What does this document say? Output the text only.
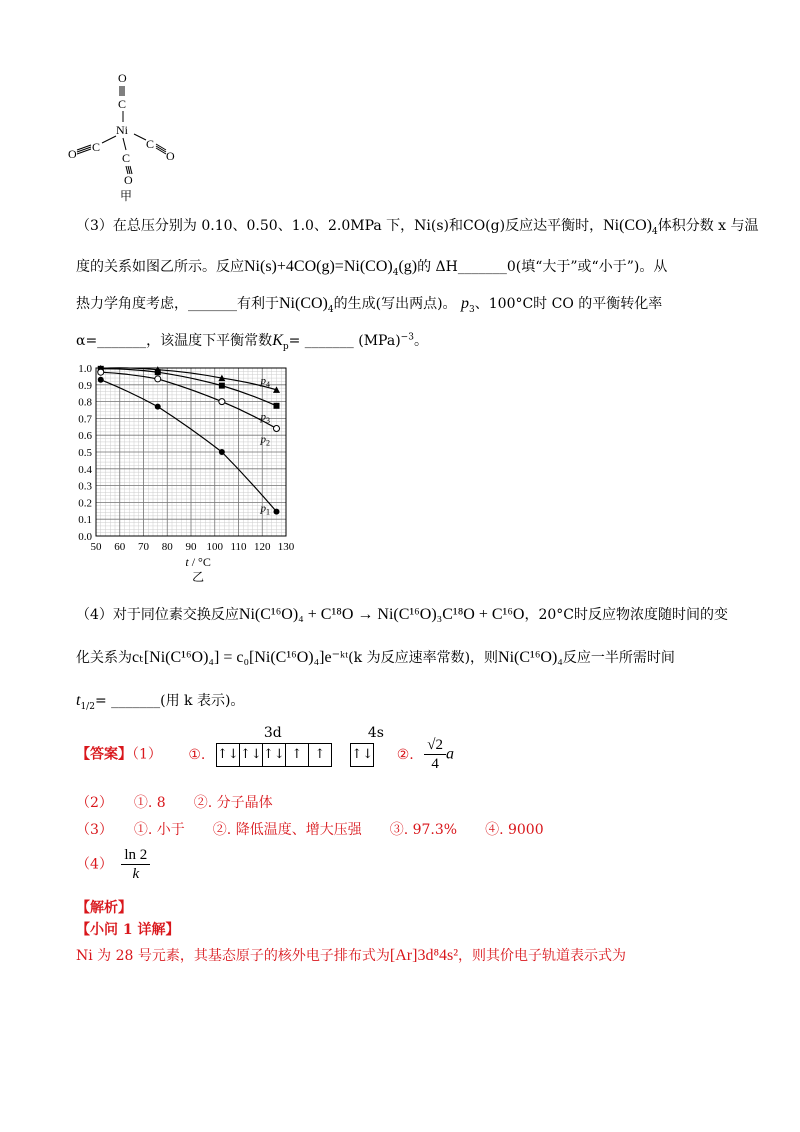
O
C
Ni
C
O
C
O
C
O
甲
（3）在总压分别为 0.10、0.50、1.0、2.0MPa 下，Ni(s)和CO(g)反应达平衡时，$Ni(CO)_4$体积分数 x 与温
度的关系如图乙所示。反应$Ni(s)+4CO(g)=Ni(CO)_4(g)$的 ΔH_______0(填“大于”或“小于”)。从
热力学角度考虑，_______有利于$Ni(CO)_4$的生成(写出两点)。 $p_3$、100°C时 CO 的平衡转化率
α=_______，该温度下平衡常数$K_p=$ _______ (MPa)$^{-3}$。
50 60 70 80 90 100 110 120 130
0.0
0.1
0.2
0.3
0.4
0.5
0.6
0.7
0.8
0.9
1.0
t / °C
乙
$p_4$
$p_3$
$p_2$
$p_1$
（4）对于同位素交换反应Ni(C¹⁶O)₄ + C¹⁸O → Ni(C¹⁶O)₃C¹⁸O + C¹⁶O，20°C时反应物浓度随时间的变
化关系为cₜ[Ni(C¹⁶O)₄] = c₀[Ni(C¹⁶O)₄]e⁻ᵏᵗ(k 为反应速率常数)，则Ni(C¹⁶O)₄反应一半所需时间
$t_{1/2}=$ _______(用 k 表示)。
【答案】（1） ①.
3d	4s
↑↓ ↑↓ ↑↓ ↑ ↑
	↑↓ ②. $\frac{√2}{4}$ a
（2）　　①. 8　　②. 分子晶体
（3）　　①. 小于　　②. 降低温度、增大压强　　③. 97.3%　　④. 9000
$(4) \frac{\ln 2}{k}$
【解析】
【小问 1 详解】
Ni 为 28 号元素，其基态原子的核外电子排布式为[Ar]3d⁸4s²，则其价电子轨道表示式为
